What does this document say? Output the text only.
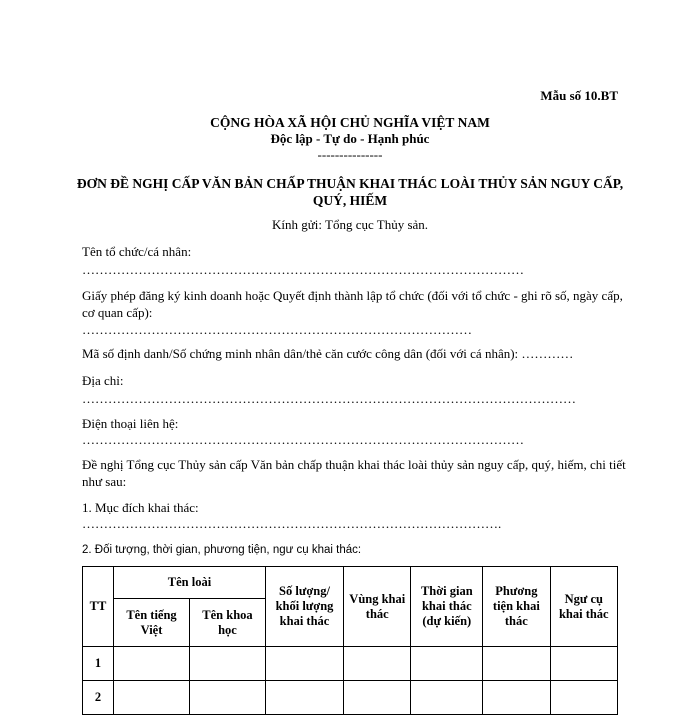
Mẫu số 10.BT
CỘNG HÒA XÃ HỘI CHỦ NGHĨA VIỆT NAM
Độc lập - Tự do - Hạnh phúc
---------------
ĐƠN ĐỀ NGHỊ CẤP VĂN BẢN CHẤP THUẬN KHAI THÁC LOÀI THỦY SẢN NGUY CẤP, QUÝ, HIẾM
Kính gửi: Tổng cục Thủy sản.
Tên tổ chức/cá nhân:
…………………………………………………………………………………………
Giấy phép đăng ký kinh doanh hoặc Quyết định thành lập tổ chức (đối với tổ chức - ghi rõ số, ngày cấp, cơ quan cấp):
………………………………………………………………………………
Mã số định danh/Số chứng minh nhân dân/thẻ căn cước công dân (đối với cá nhân): …………
Địa chỉ:
……………………………………………………………………………………………………
Điện thoại liên hệ:
…………………………………………………………………………………………
Đề nghị Tổng cục Thủy sản cấp Văn bản chấp thuận khai thác loài thủy sản nguy cấp, quý, hiếm, chi tiết như sau:
1. Mục đích khai thác:
…………………………………………………………………………………….
2. Đối tượng, thời gian, phương tiện, ngư cụ khai thác:
TT	Tên loài		Số lượng/ khối lượng khai thác	Vùng khai thác	Thời gian khai thác (dự kiến)	Phương tiện khai thác	Ngư cụ khai thác
	Tên tiếng Việt	Tên khoa học					
1							
2							
